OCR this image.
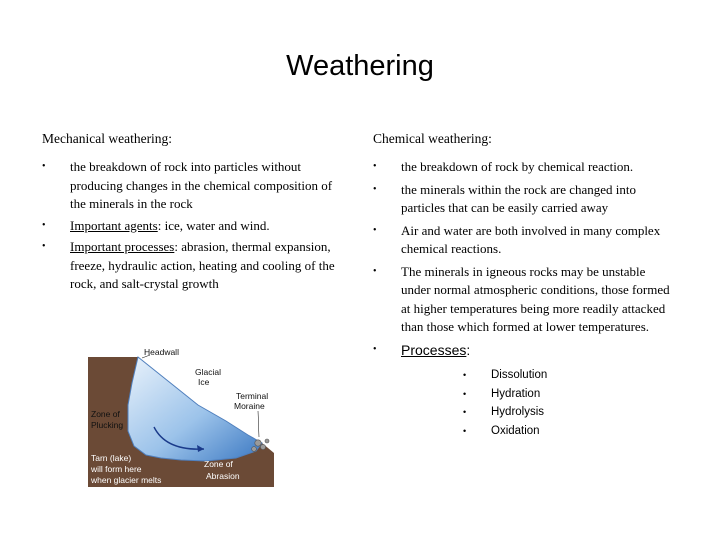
Weathering
Mechanical weathering:
• the breakdown of rock into particles without producing changes in the chemical composition of the minerals in the rock
• Important agents: ice, water and wind.
• Important processes: abrasion, thermal expansion, freeze, hydraulic action, heating and cooling of the rock, and salt-crystal growth
Chemical weathering:
• the breakdown of rock by chemical reaction.
• the minerals within the rock are changed into particles that can be easily carried away
• Air and water are both involved in many complex chemical reactions.
• The minerals in igneous rocks may be unstable under normal atmospheric conditions, those formed at higher temperatures being more readily attacked than those which formed at lower temperatures.
• Processes:
• Dissolution
• Hydration
• Hydrolysis
• Oxidation
Headwall
Glacial
Ice
Terminal
Moraine
Zone of
Plucking
Tarn (lake)
will form here
when glacier melts
Zone of
Abrasion
